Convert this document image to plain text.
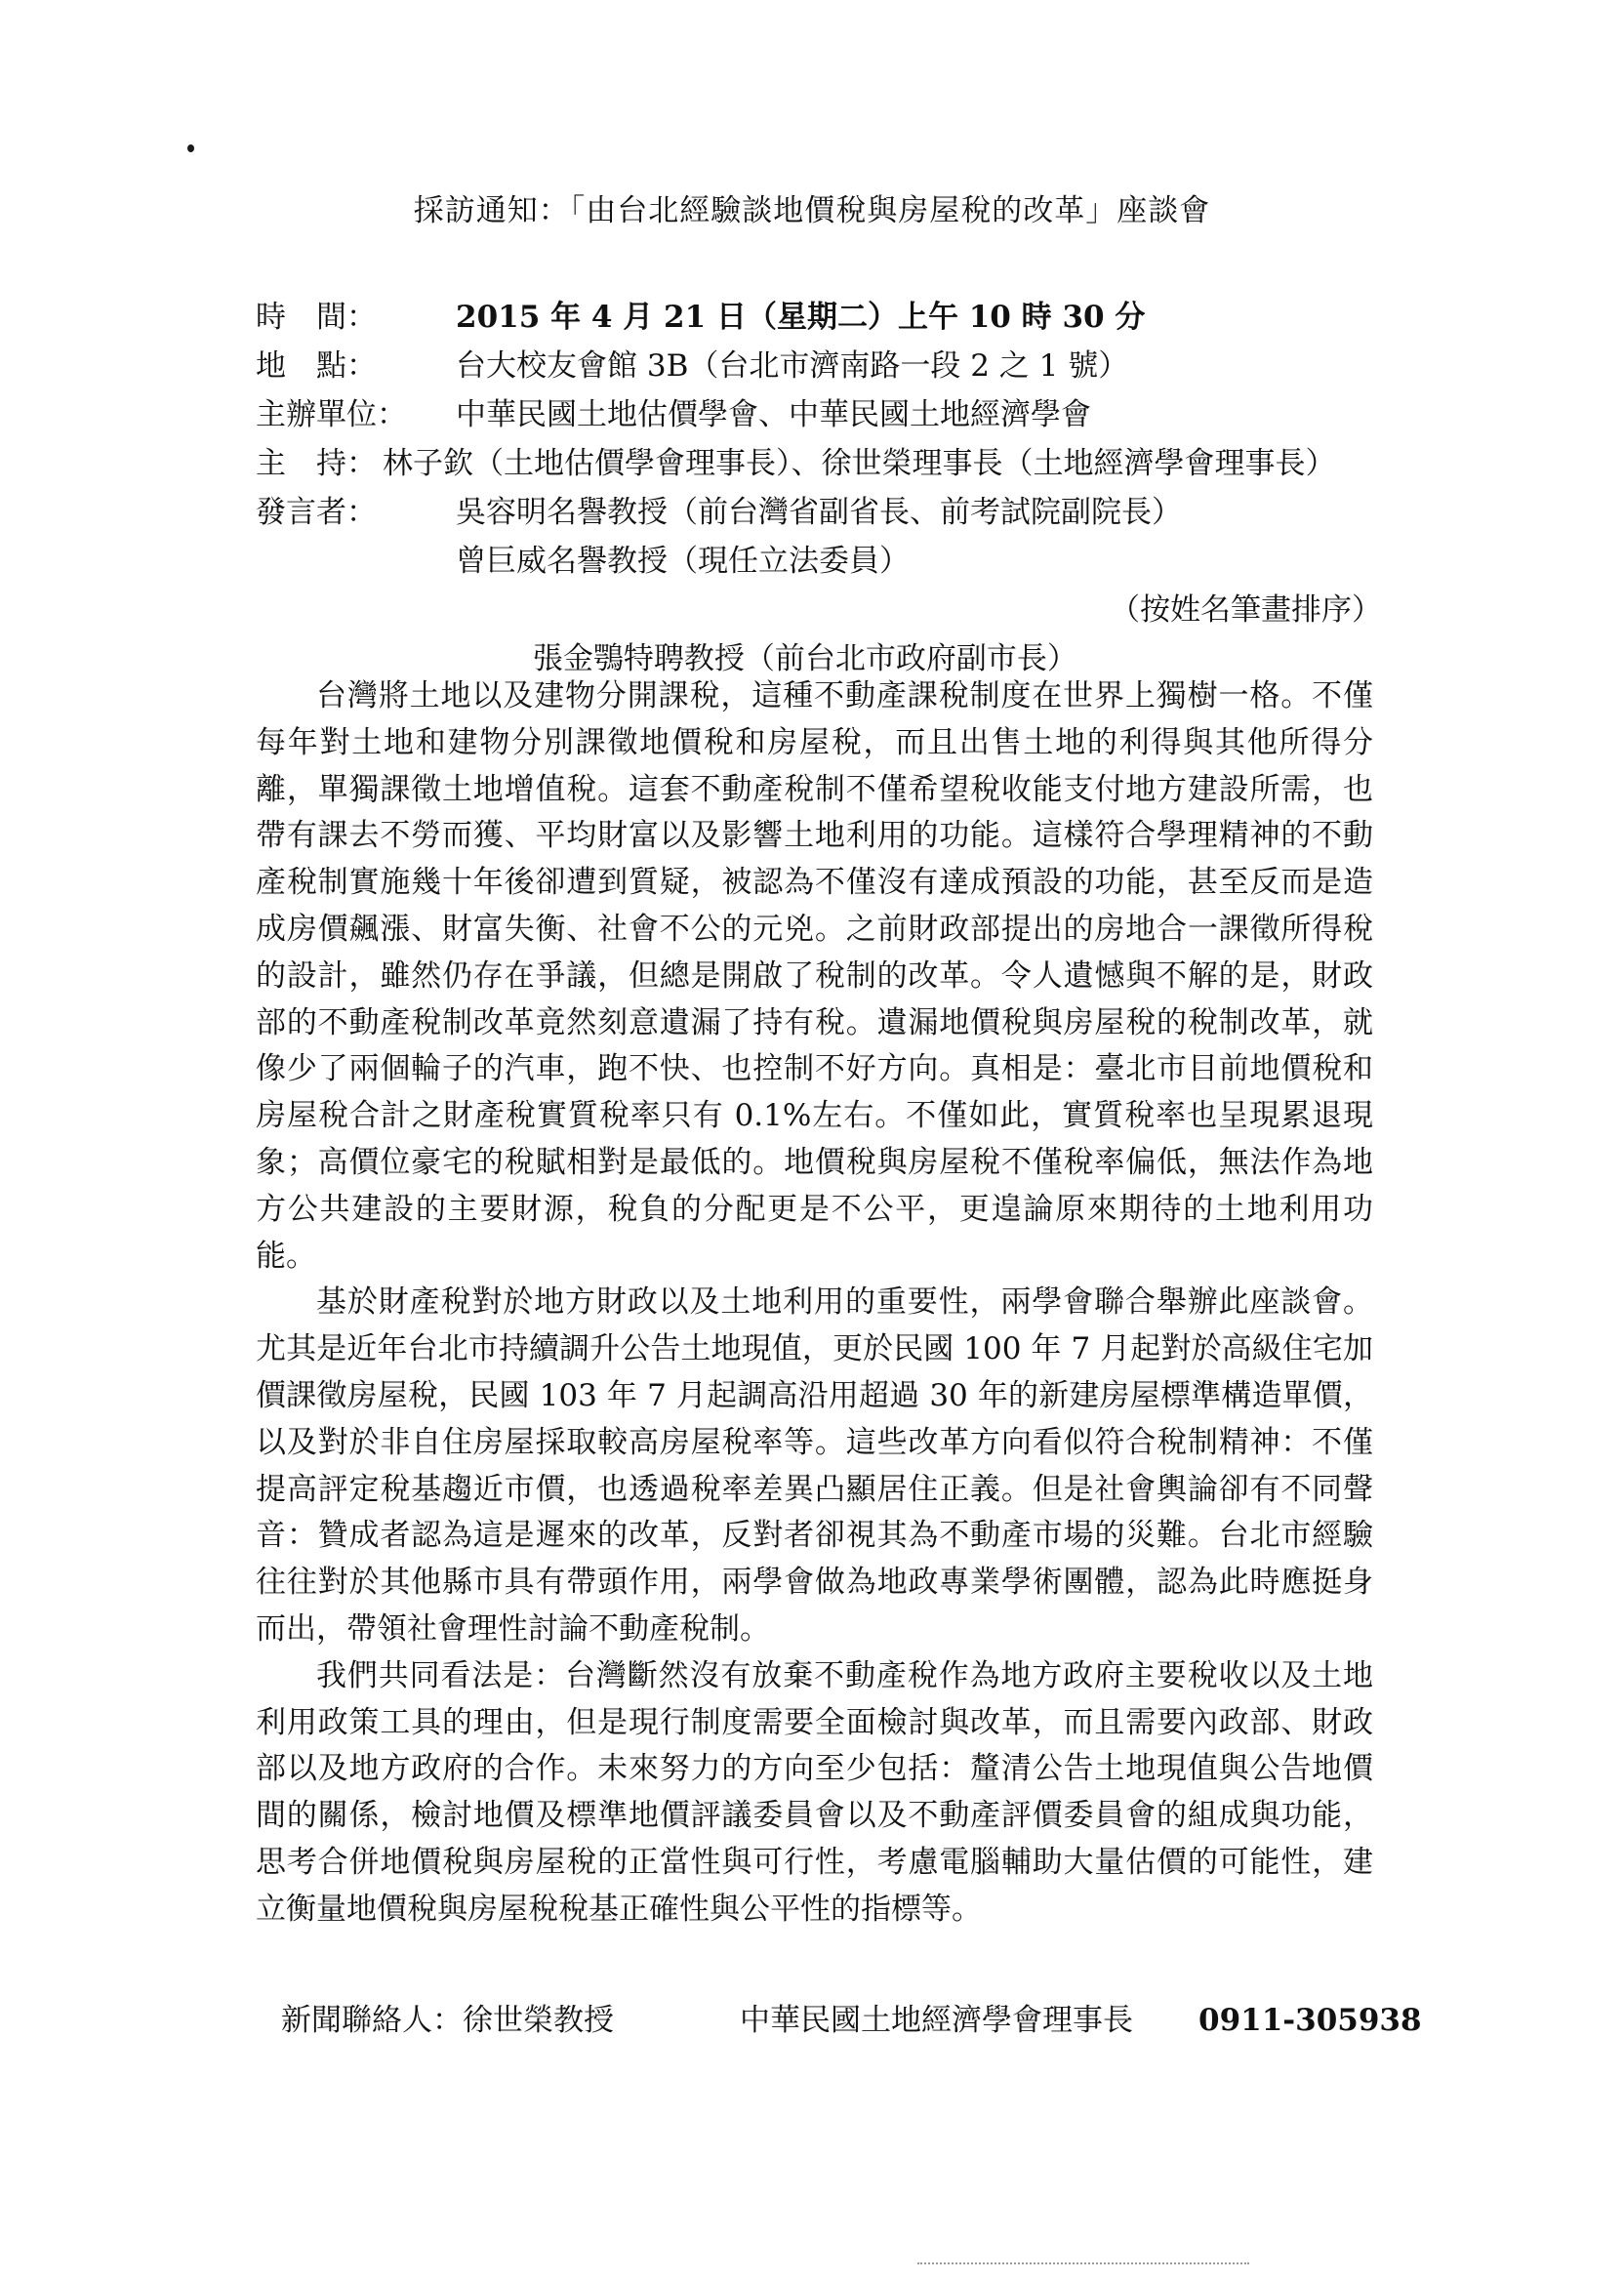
採訪通知：「由台北經驗談地價稅與房屋稅的改革」座談會
時　間：	2015 年 4 月 21 日（星期二）上午 10 時 30 分
地　點：	台大校友會館 3B（台北市濟南路一段 2 之 1 號）
主辦單位：	中華民國土地估價學會、中華民國土地經濟學會
主　持： 林子欽（土地估價學會理事長）、徐世榮理事長（土地經濟學會理事長）
發言者：	吳容明名譽教授（前台灣省副省長、前考試院副院長）
曾巨威名譽教授（現任立法委員）

張金鶚特聘教授（前台北市政府副市長）

（按姓名筆畫排序）

台灣將土地以及建物分開課稅，這種不動產課稅制度在世界上獨樹一格。不僅每年對土地和建物分別課徵地價稅和房屋稅，而且出售土地的利得與其他所得分離，單獨課徵土地增值稅。這套不動產稅制不僅希望稅收能支付地方建設所需，也帶有課去不勞而獲、平均財富以及影響土地利用的功能。這樣符合學理精神的不動產稅制實施幾十年後卻遭到質疑，被認為不僅沒有達成預設的功能，甚至反而是造成房價飆漲、財富失衡、社會不公的元兇。之前財政部提出的房地合一課徵所得稅的設計，雖然仍存在爭議，但總是開啟了稅制的改革。令人遺憾與不解的是，財政部的不動產稅制改革竟然刻意遺漏了持有稅。遺漏地價稅與房屋稅的稅制改革，就像少了兩個輪子的汽車，跑不快、也控制不好方向。真相是：臺北市目前地價稅和房屋稅合計之財產稅實質稅率只有 0.1%左右。不僅如此，實質稅率也呈現累退現象；高價位豪宅的稅賦相對是最低的。地價稅與房屋稅不僅稅率偏低，無法作為地方公共建設的主要財源，稅負的分配更是不公平，更遑論原來期待的土地利用功能。

基於財產稅對於地方財政以及土地利用的重要性，兩學會聯合舉辦此座談會。尤其是近年台北市持續調升公告土地現值，更於民國 100 年 7 月起對於高級住宅加價課徵房屋稅，民國 103 年 7 月起調高沿用超過 30 年的新建房屋標準構造單價，以及對於非自住房屋採取較高房屋稅率等。這些改革方向看似符合稅制精神：不僅提高評定稅基趨近市價，也透過稅率差異凸顯居住正義。但是社會輿論卻有不同聲音：贊成者認為這是遲來的改革，反對者卻視其為不動產市場的災難。台北市經驗往往對於其他縣市具有帶頭作用，兩學會做為地政專業學術團體，認為此時應挺身而出，帶領社會理性討論不動產稅制。

我們共同看法是：台灣斷然沒有放棄不動產稅作為地方政府主要稅收以及土地利用政策工具的理由，但是現行制度需要全面檢討與改革，而且需要內政部、財政部以及地方政府的合作。未來努力的方向至少包括：釐清公告土地現值與公告地價間的關係，檢討地價及標準地價評議委員會以及不動產評價委員會的組成與功能，思考合併地價稅與房屋稅的正當性與可行性，考慮電腦輔助大量估價的可能性，建立衡量地價稅與房屋稅稅基正確性與公平性的指標等。

新聞聯絡人：徐世榮教授	中華民國土地經濟學會理事長 0911-305938
